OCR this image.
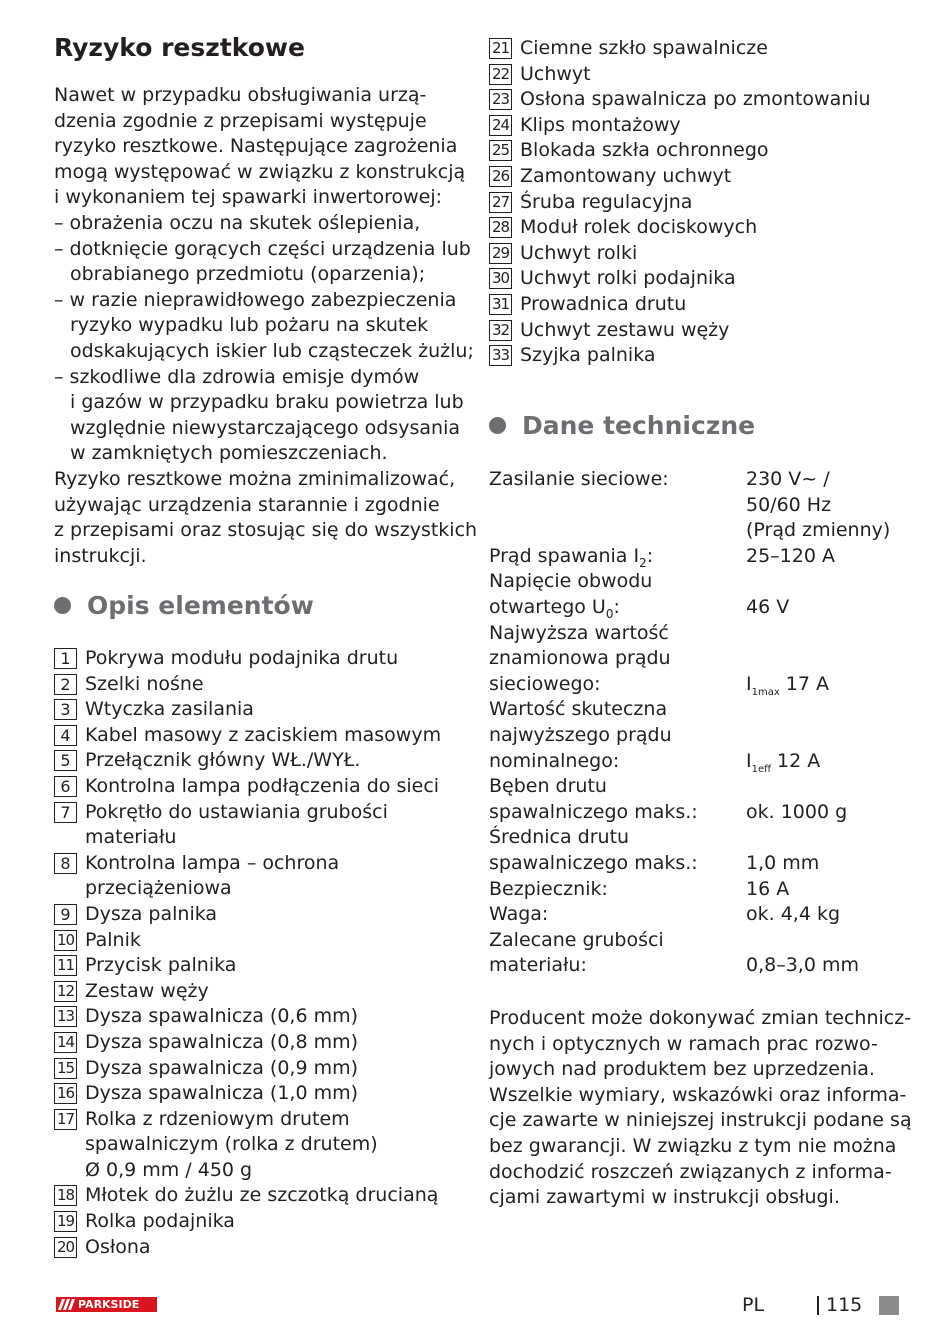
Ryzyko resztkowe
Nawet w przypadku obsługiwania urzą-
dzenia zgodnie z przepisami występuje
ryzyko resztkowe. Następujące zagrożenia
mogą występować w związku z konstrukcją
i wykonaniem tej spawarki inwertorowej:
– obrażenia oczu na skutek oślepienia,
– dotknięcie gorących części urządzenia lub
obrabianego przedmiotu (oparzenia);
– w razie nieprawidłowego zabezpieczenia
ryzyko wypadku lub pożaru na skutek
odskakujących iskier lub cząsteczek żużlu;
– szkodliwe dla zdrowia emisje dymów
i gazów w przypadku braku powietrza lub
względnie niewystarczającego odsysania
w zamkniętych pomieszczeniach.
Ryzyko resztkowe można zminimalizować,
używając urządzenia starannie i zgodnie
z przepisami oraz stosując się do wszystkich
instrukcji.
Opis elementów
1 Pokrywa modułu podajnika drutu
2 Szelki nośne
3 Wtyczka zasilania
4 Kabel masowy z zaciskiem masowym
5 Przełącznik główny WŁ./WYŁ.
6 Kontrolna lampa podłączenia do sieci
7 Pokrętło do ustawiania grubości
materiału
8 Kontrolna lampa – ochrona
przeciążeniowa
9 Dysza palnika
10 Palnik
11 Przycisk palnika
12 Zestaw węży
13 Dysza spawalnicza (0,6 mm)
14 Dysza spawalnicza (0,8 mm)
15 Dysza spawalnicza (0,9 mm)
16 Dysza spawalnicza (1,0 mm)
17 Rolka z rdzeniowym drutem
spawalniczym (rolka z drutem)
Ø 0,9 mm / 450 g
18 Młotek do żużlu ze szczotką drucianą
19 Rolka podajnika
20 Osłona
21 Ciemne szkło spawalnicze
22 Uchwyt
23 Osłona spawalnicza po zmontowaniu
24 Klips montażowy
25 Blokada szkła ochronnego
26 Zamontowany uchwyt
27 Śruba regulacyjna
28 Moduł rolek dociskowych
29 Uchwyt rolki
30 Uchwyt rolki podajnika
31 Prowadnica drutu
32 Uchwyt zestawu węży
33 Szyjka palnika
Dane techniczne
Zasilanie sieciowe:	230 V~ /
50/60 Hz
(Prąd zmienny)
Prąd spawania $I_2$:	25–120 A
Napięcie obwodu
otwartego $U_0$:	46 V
Najwyższa wartość
znamionowa prądu
sieciowego:	$I_{1max}$ 17 A
Wartość skuteczna
najwyższego prądu
nominalnego:	$I_{1eff}$ 12 A
Bęben drutu
spawalniczego maks.:	ok. 1000 g
Średnica drutu
spawalniczego maks.:	1,0 mm
Bezpiecznik:	16 A
Waga:	ok. 4,4 kg
Zalecane grubości
materiału:	0,8–3,0 mm
Producent może dokonywać zmian technicz-
nych i optycznych w ramach prac rozwo-
jowych nad produktem bez uprzedzenia.
Wszelkie wymiary, wskazówki oraz informa-
cje zawarte w niniejszej instrukcji podane są
bez gwarancji. W związku z tym nie można
dochodzić roszczeń związanych z informa-
cjami zawartymi w instrukcji obsługi.
PARKSIDE	PL	115
